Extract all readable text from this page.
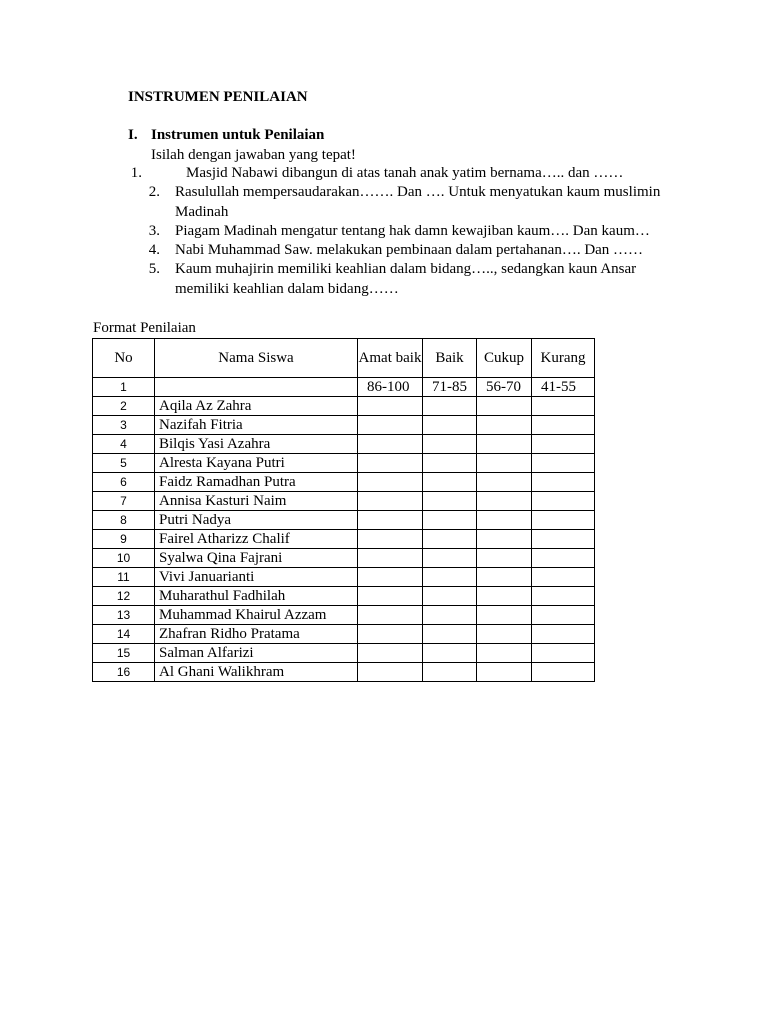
INSTRUMEN PENILAIAN
I. Instrumen untuk Penilaian
Isilah dengan jawaban yang tepat!
1.	Masjid Nabawi dibangun di atas tanah anak yatim bernama….. dan ……
2. Rasulullah mempersaudarakan……. Dan …. Untuk menyatukan kaum muslimin Madinah
3. Piagam Madinah mengatur tentang hak damn kewajiban kaum…. Dan kaum…
4. Nabi Muhammad Saw. melakukan pembinaan dalam pertahanan…. Dan ……
5. Kaum muhajirin memiliki keahlian dalam bidang….., sedangkan kaun Ansar memiliki keahlian dalam bidang……
Format Penilaian
No	Nama Siswa	Amat baik	Baik	Cukup	Kurang
1		86-100	71-85	56-70	41-55
2	Aqila Az Zahra				
3	Nazifah Fitria				
4	Bilqis Yasi Azahra				
5	Alresta Kayana Putri				
6	Faidz Ramadhan Putra				
7	Annisa Kasturi Naim				
8	Putri Nadya				
9	Fairel Atharizz Chalif				
10	Syalwa Qina Fajrani				
11	Vivi Januarianti				
12	Muharathul Fadhilah				
13	Muhammad Khairul Azzam				
14	Zhafran Ridho Pratama				
15	Salman Alfarizi				
16	Al Ghani Walikhram				
